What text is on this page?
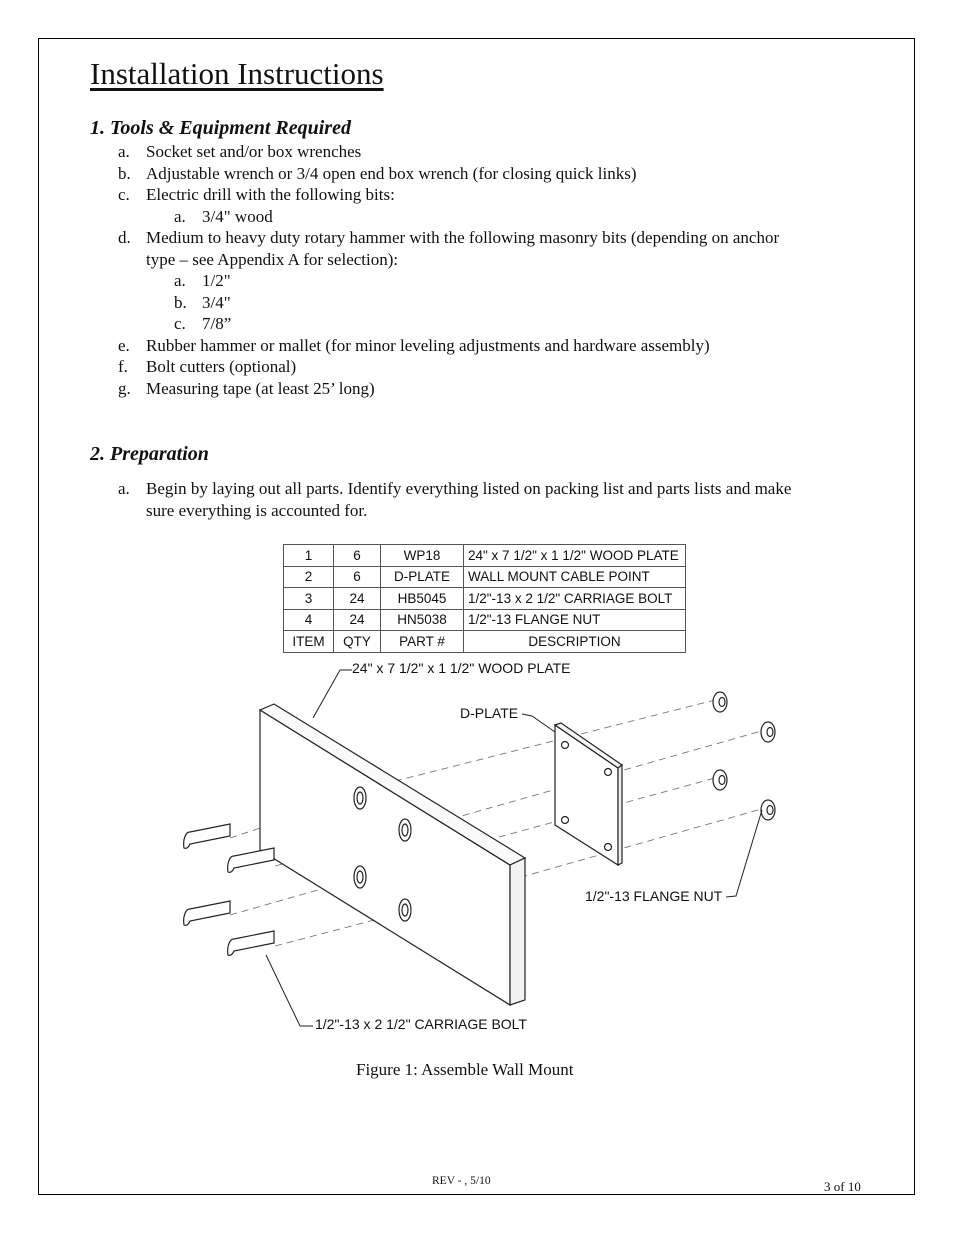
Installation Instructions
1. Tools & Equipment Required
a. Socket set and/or box wrenches
b. Adjustable wrench or 3/4 open end box wrench (for closing quick links)
c. Electric drill with the following bits:
a. 3/4" wood
d. Medium to heavy duty rotary hammer with the following masonry bits (depending on anchor
type – see Appendix A for selection):
a. 1/2"
b. 3/4"
c. 7/8”
e. Rubber hammer or mallet (for minor leveling adjustments and hardware assembly)
f. Bolt cutters (optional)
g. Measuring tape (at least 25’ long)
2. Preparation
a. Begin by laying out all parts. Identify everything listed on packing list and parts lists and make
sure everything is accounted for.
1	6	WP18	24" x 7 1/2" x 1 1/2" WOOD PLATE
2	6	D-PLATE	WALL MOUNT CABLE POINT
3	24	HB5045	1/2"-13 x 2 1/2" CARRIAGE BOLT
4	24	HN5038	1/2"-13 FLANGE NUT
ITEM	QTY	PART #	DESCRIPTION
24" x 7 1/2" x 1 1/2" WOOD PLATE
D-PLATE
1/2"-13 FLANGE NUT
1/2"-13 x 2 1/2" CARRIAGE BOLT
Figure 1: Assemble Wall Mount
REV - , 5/10	3 of 10
